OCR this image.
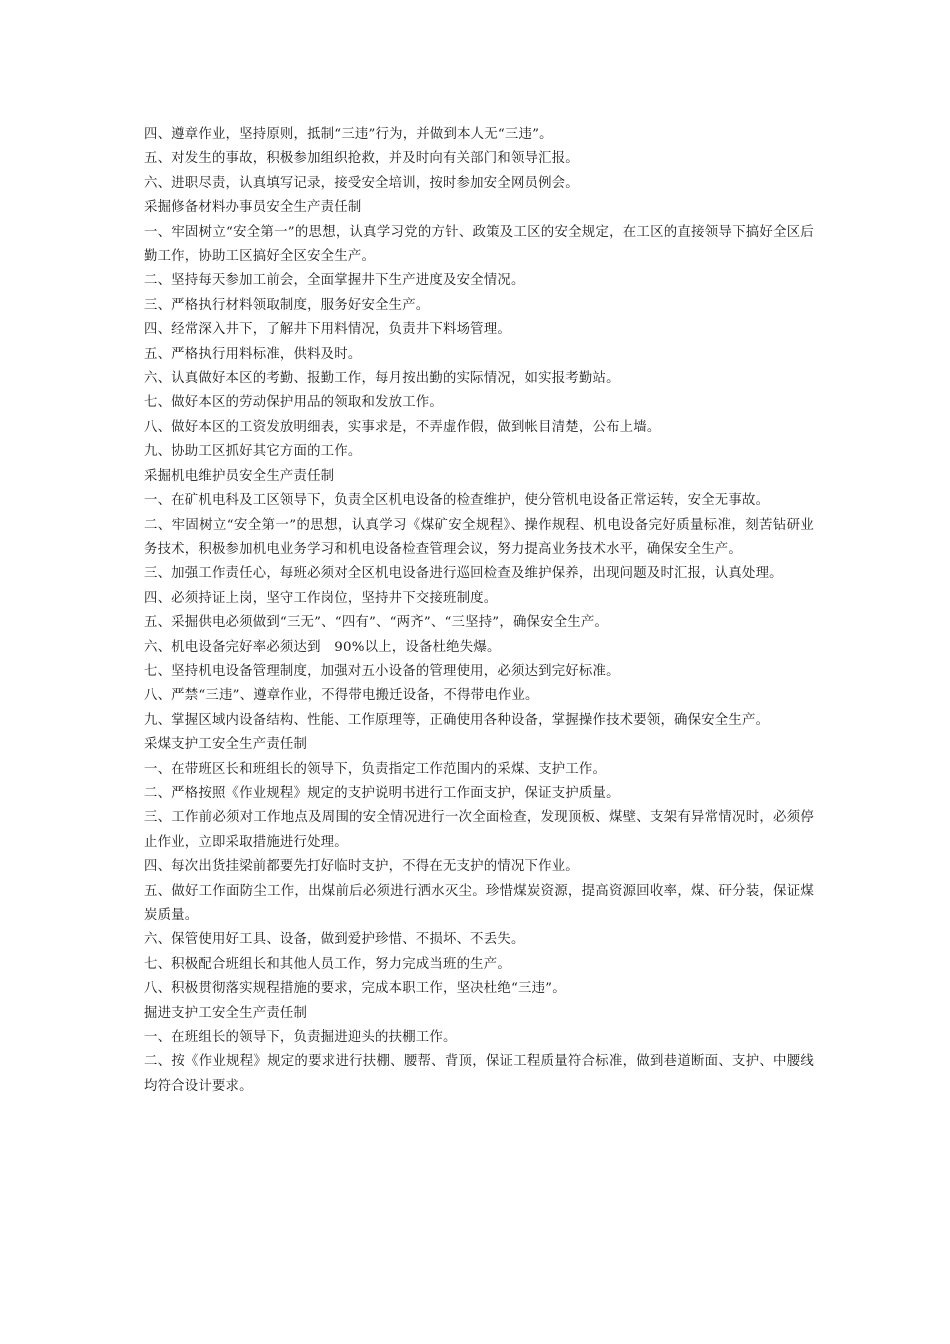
四、遵章作业，坚持原则，抵制“三违”行为，并做到本人无“三违”。

五、对发生的事故，积极参加组织抢救，并及时向有关部门和领导汇报。

六、进职尽责，认真填写记录，接受安全培训，按时参加安全网员例会。

采掘修备材料办事员安全生产责任制

一、牢固树立“安全第一”的思想，认真学习党的方针、政策及工区的安全规定，在工区的直接领导下搞好全区后勤工作，协助工区搞好全区安全生产。

二、坚持每天参加工前会，全面掌握井下生产进度及安全情况。

三、严格执行材料领取制度，服务好安全生产。

四、经常深入井下，了解井下用料情况，负责井下料场管理。

五、严格执行用料标准，供料及时。

六、认真做好本区的考勤、报勤工作，每月按出勤的实际情况，如实报考勤站。

七、做好本区的劳动保护用品的领取和发放工作。

八、做好本区的工资发放明细表，实事求是，不弄虚作假，做到帐目清楚，公布上墙。

九、协助工区抓好其它方面的工作。

采掘机电维护员安全生产责任制

一、在矿机电科及工区领导下，负责全区机电设备的检查维护，使分管机电设备正常运转，安全无事故。

二、牢固树立“安全第一”的思想，认真学习《煤矿安全规程》、操作规程、机电设备完好质量标准，刻苦钻研业务技术，积极参加机电业务学习和机电设备检查管理会议，努力提高业务技术水平，确保安全生产。

三、加强工作责任心，每班必须对全区机电设备进行巡回检查及维护保养，出现问题及时汇报，认真处理。

四、必须持证上岗，坚守工作岗位，坚持井下交接班制度。

五、采掘供电必须做到“三无”、“四有”、“两齐”、“三坚持”，确保安全生产。

六、机电设备完好率必须达到　90%以上，设备杜绝失爆。

七、坚持机电设备管理制度，加强对五小设备的管理使用，必须达到完好标准。

八、严禁“三违”、遵章作业，不得带电搬迁设备，不得带电作业。

九、掌握区域内设备结构、性能、工作原理等，正确使用各种设备，掌握操作技术要领，确保安全生产。

采煤支护工安全生产责任制

一、在带班区长和班组长的领导下，负责指定工作范围内的采煤、支护工作。

二、严格按照《作业规程》规定的支护说明书进行工作面支护，保证支护质量。

三、工作前必须对工作地点及周围的安全情况进行一次全面检查，发现顶板、煤壁、支架有异常情况时，必须停止作业，立即采取措施进行处理。

四、每次出货挂梁前都要先打好临时支护，不得在无支护的情况下作业。

五、做好工作面防尘工作，出煤前后必须进行洒水灭尘。珍惜煤炭资源，提高资源回收率，煤、矸分装，保证煤炭质量。

六、保管使用好工具、设备，做到爱护珍惜、不损坏、不丢失。

七、积极配合班组长和其他人员工作，努力完成当班的生产。

八、积极贯彻落实规程措施的要求，完成本职工作，坚决杜绝“三违”。

掘进支护工安全生产责任制

一、在班组长的领导下，负责掘进迎头的扶棚工作。

二、按《作业规程》规定的要求进行扶棚、腰帮、背顶，保证工程质量符合标准，做到巷道断面、支护、中腰线均符合设计要求。
